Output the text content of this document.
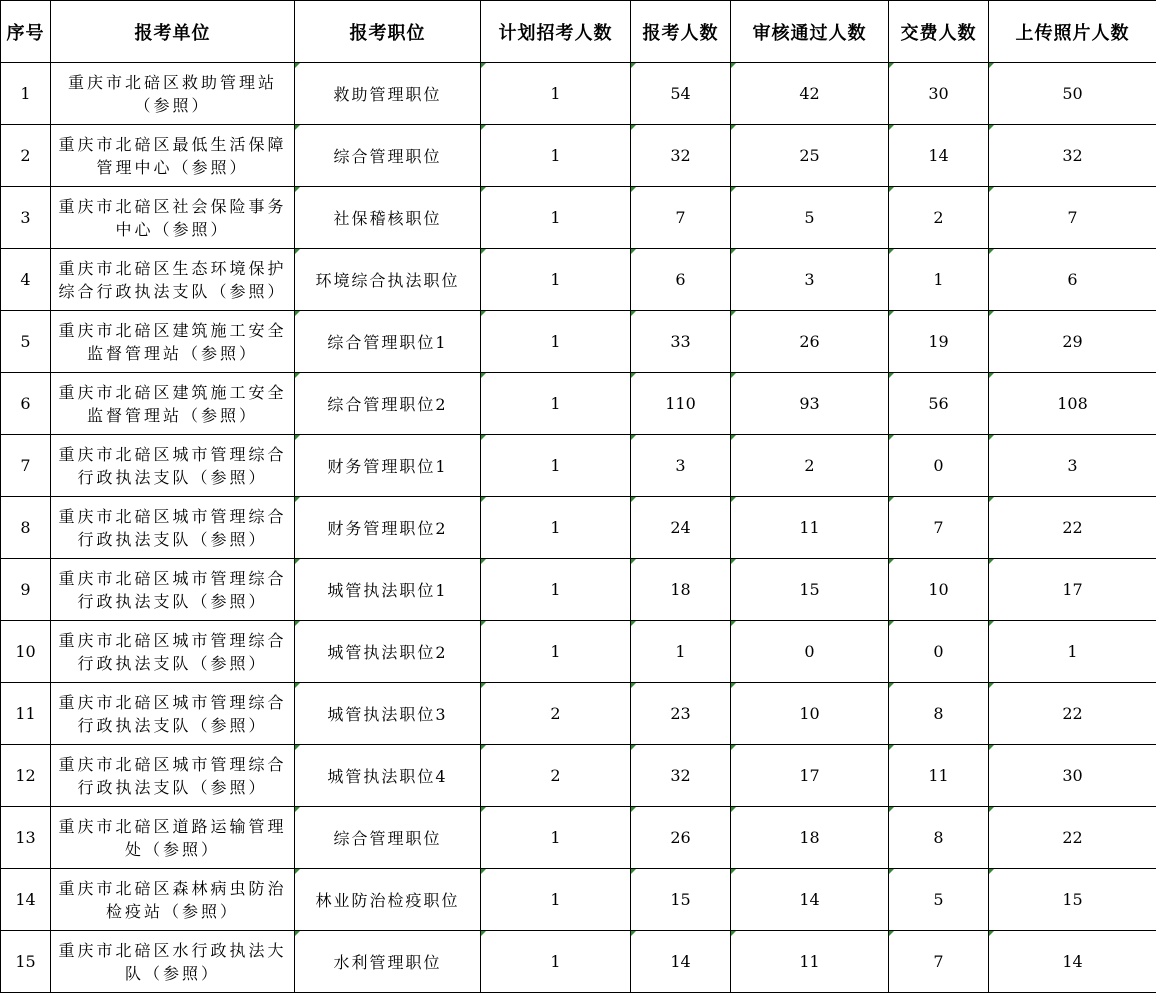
序号	报考单位	报考职位	计划招考人数	报考人数	审核通过人数	交费人数	上传照片人数
1	重庆市北碚区救助管理站（参照）	救助管理职位	1	54	42	30	50
2	重庆市北碚区最低生活保障管理中心（参照）	综合管理职位	1	32	25	14	32
3	重庆市北碚区社会保险事务中心（参照）	社保稽核职位	1	7	5	2	7
4	重庆市北碚区生态环境保护综合行政执法支队（参照）	环境综合执法职位	1	6	3	1	6
5	重庆市北碚区建筑施工安全监督管理站（参照）	综合管理职位1	1	33	26	19	29
6	重庆市北碚区建筑施工安全监督管理站（参照）	综合管理职位2	1	110	93	56	108
7	重庆市北碚区城市管理综合行政执法支队（参照）	财务管理职位1	1	3	2	0	3
8	重庆市北碚区城市管理综合行政执法支队（参照）	财务管理职位2	1	24	11	7	22
9	重庆市北碚区城市管理综合行政执法支队（参照）	城管执法职位1	1	18	15	10	17
10	重庆市北碚区城市管理综合行政执法支队（参照）	城管执法职位2	1	1	0	0	1
11	重庆市北碚区城市管理综合行政执法支队（参照）	城管执法职位3	2	23	10	8	22
12	重庆市北碚区城市管理综合行政执法支队（参照）	城管执法职位4	2	32	17	11	30
13	重庆市北碚区道路运输管理处（参照）	综合管理职位	1	26	18	8	22
14	重庆市北碚区森林病虫防治检疫站（参照）	林业防治检疫职位	1	15	14	5	15
15	重庆市北碚区水行政执法大队（参照）	水利管理职位	1	14	11	7	14
